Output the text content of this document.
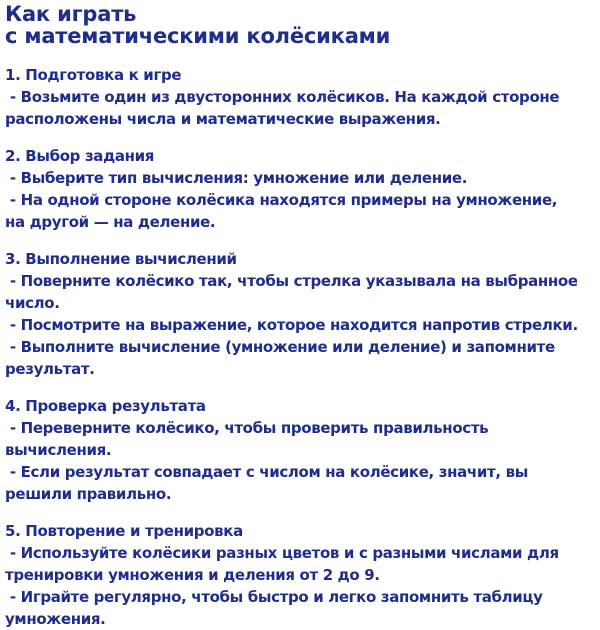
Как играть
с математическими колёсиками
1. Подготовка к игре
- Возьмите один из двусторонних колёсиков. На каждой стороне
расположены числа и математические выражения.
2. Выбор задания
- Выберите тип вычисления: умножение или деление.
- На одной стороне колёсика находятся примеры на умножение,
на другой — на деление.
3. Выполнение вычислений
- Поверните колёсико так, чтобы стрелка указывала на выбранное
число.
- Посмотрите на выражение, которое находится напротив стрелки.
- Выполните вычисление (умножение или деление) и запомните
результат.
4. Проверка результата
- Переверните колёсико, чтобы проверить правильность вычисления.
- Если результат совпадает с числом на колёсике, значит, вы
решили правильно.
5. Повторение и тренировка
- Используйте колёсики разных цветов и с разными числами для
тренировки умножения и деления от 2 до 9.
- Играйте регулярно, чтобы быстро и легко запомнить таблицу
умножения.
